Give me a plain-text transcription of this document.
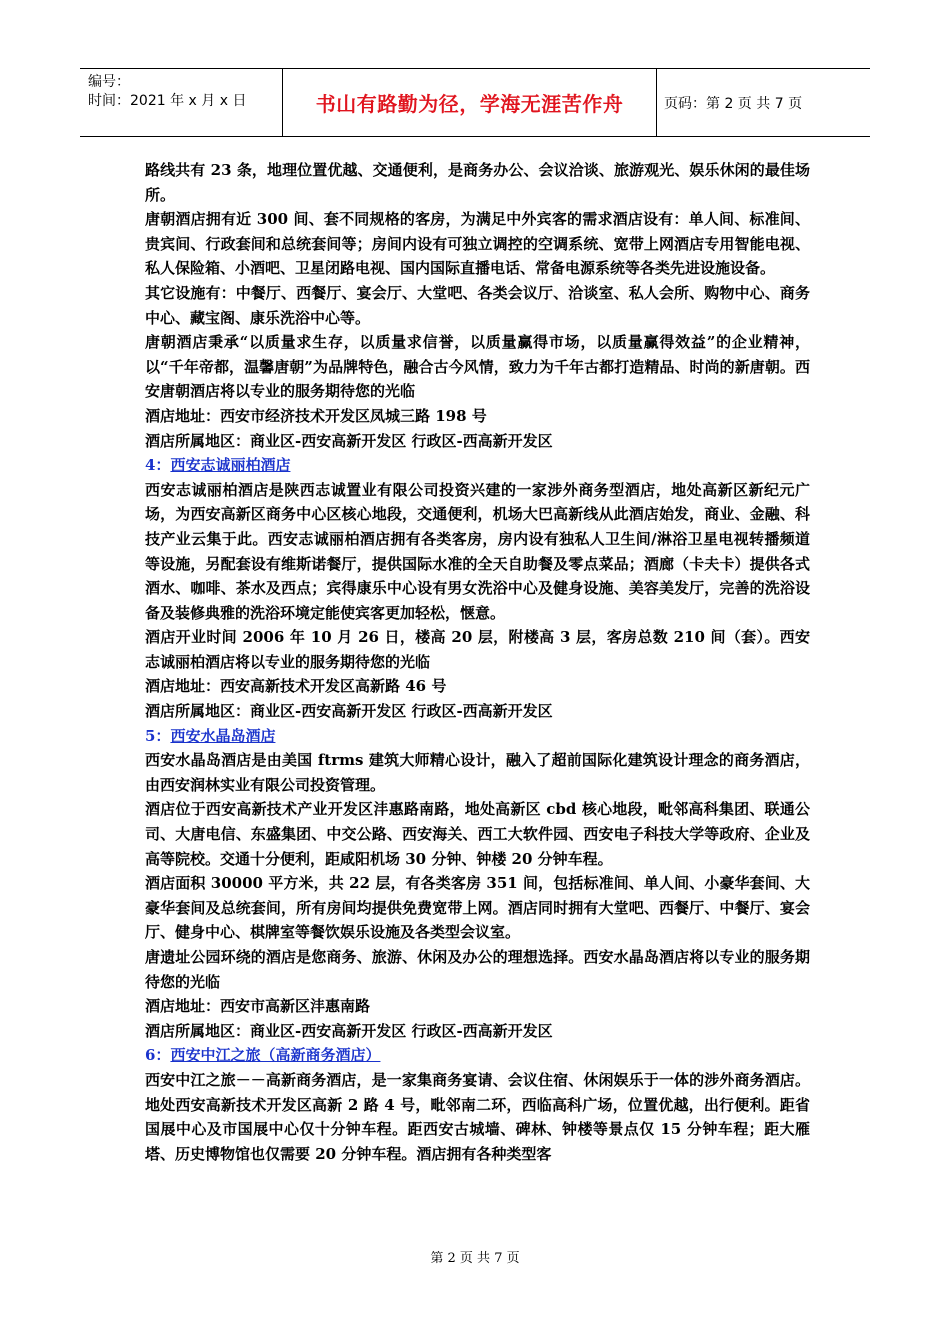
编号：
时间：2021 年 x 月 x 日	书山有路勤为径，学海无涯苦作舟	页码：第 2 页 共 7 页

路线共有 23 条，地理位置优越、交通便利，是商务办公、会议洽谈、旅游观光、娱乐休闲的最佳场所。

唐朝酒店拥有近 300 间、套不同规格的客房，为满足中外宾客的需求酒店设有：单人间、标准间、贵宾间、行政套间和总统套间等；房间内设有可独立调控的空调系统、宽带上网酒店专用智能电视、私人保险箱、小酒吧、卫星闭路电视、国内国际直播电话、常备电源系统等各类先进设施设备。

其它设施有：中餐厅、西餐厅、宴会厅、大堂吧、各类会议厅、洽谈室、私人会所、购物中心、商务中心、藏宝阁、康乐洗浴中心等。

唐朝酒店秉承“以质量求生存，以质量求信誉，以质量赢得市场，以质量赢得效益”的企业精神，以“千年帝都，温馨唐朝”为品牌特色，融合古今风情，致力为千年古都打造精品、时尚的新唐朝。西安唐朝酒店将以专业的服务期待您的光临

酒店地址：西安市经济技术开发区凤城三路 198 号

酒店所属地区：商业区-西安高新开发区 行政区-西高新开发区

4：西安志诚丽柏酒店

西安志诚丽柏酒店是陕西志诚置业有限公司投资兴建的一家涉外商务型酒店，地处高新区新纪元广场，为西安高新区商务中心区核心地段，交通便利，机场大巴高新线从此酒店始发，商业、金融、科技产业云集于此。西安志诚丽柏酒店拥有各类客房，房内设有独私人卫生间/淋浴卫星电视转播频道等设施，另配套设有维斯诺餐厅，提供国际水准的全天自助餐及零点菜品；酒廊（卡夫卡）提供各式酒水、咖啡、茶水及西点；宾得康乐中心设有男女洗浴中心及健身设施、美容美发厅，完善的洗浴设备及装修典雅的洗浴环境定能使宾客更加轻松，惬意。

酒店开业时间 2006 年 10 月 26 日，楼高 20 层，附楼高 3 层，客房总数 210 间（套）。西安志诚丽柏酒店将以专业的服务期待您的光临

酒店地址：西安高新技术开发区高新路 46 号

酒店所属地区：商业区-西安高新开发区 行政区-西高新开发区

5：西安水晶岛酒店

西安水晶岛酒店是由美国 ftrms 建筑大师精心设计，融入了超前国际化建筑设计理念的商务酒店，由西安润林实业有限公司投资管理。

酒店位于西安高新技术产业开发区沣惠路南路，地处高新区 cbd 核心地段，毗邻高科集团、联通公司、大唐电信、东盛集团、中交公路、西安海关、西工大软件园、西安电子科技大学等政府、企业及高等院校。交通十分便利，距咸阳机场 30 分钟、钟楼 20 分钟车程。

酒店面积 30000 平方米，共 22 层，有各类客房 351 间，包括标准间、单人间、小豪华套间、大豪华套间及总统套间，所有房间均提供免费宽带上网。酒店同时拥有大堂吧、西餐厅、中餐厅、宴会厅、健身中心、棋牌室等餐饮娱乐设施及各类型会议室。

唐遗址公园环绕的酒店是您商务、旅游、休闲及办公的理想选择。西安水晶岛酒店将以专业的服务期待您的光临

酒店地址：西安市高新区沣惠南路

酒店所属地区：商业区-西安高新开发区 行政区-西高新开发区

6：西安中江之旅（高新商务酒店）

西安中江之旅－－高新商务酒店，是一家集商务宴请、会议住宿、休闲娱乐于一体的涉外商务酒店。地处西安高新技术开发区高新 2 路 4 号，毗邻南二环，西临高科广场，位置优越，出行便利。距省国展中心及市国展中心仅十分钟车程。距西安古城墙、碑林、钟楼等景点仅 15 分钟车程；距大雁塔、历史博物馆也仅需要 20 分钟车程。酒店拥有各种类型客

第 2 页 共 7 页
